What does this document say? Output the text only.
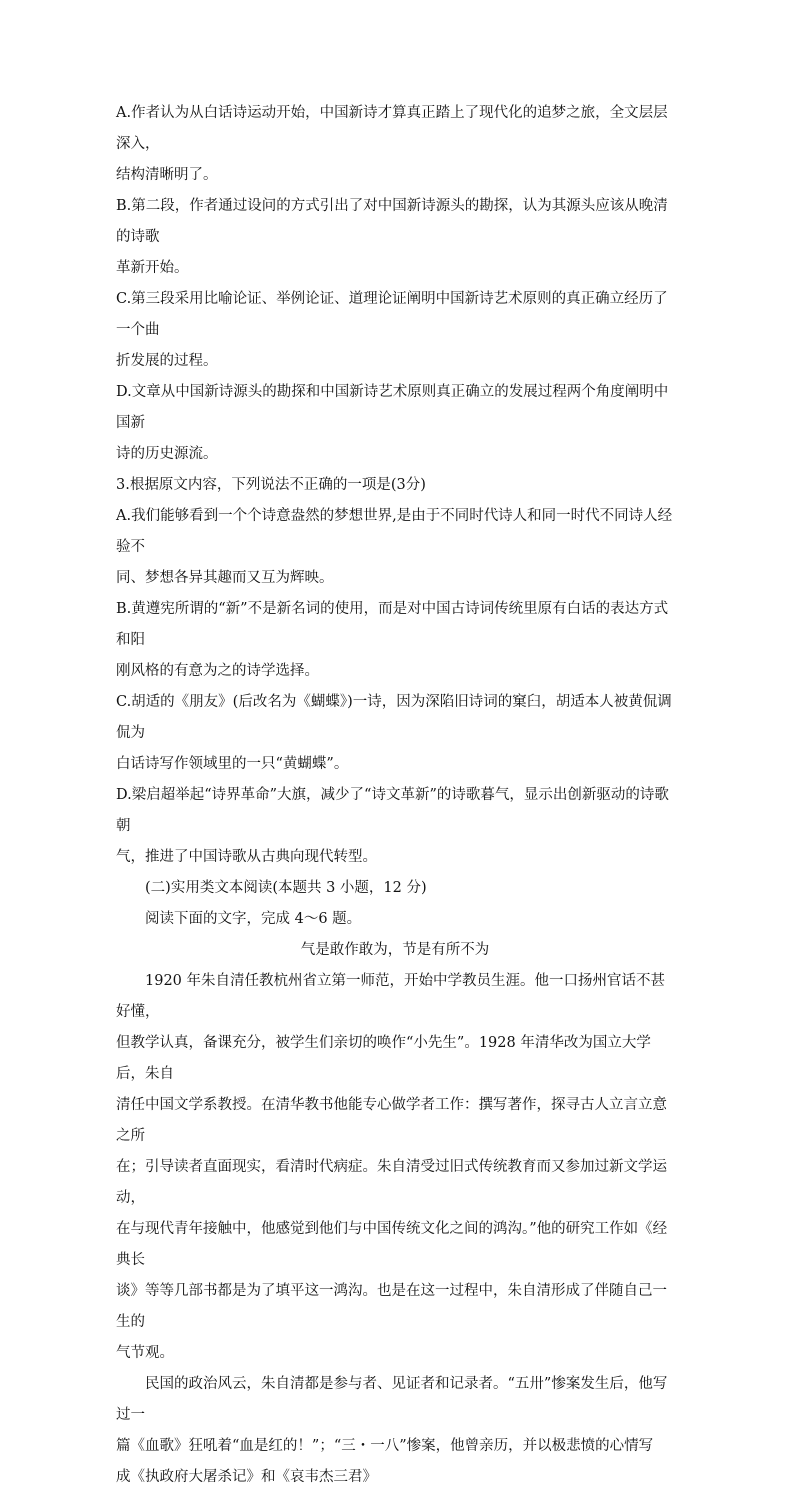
A.作者认为从白话诗运动开始，中国新诗才算真正踏上了现代化的追梦之旅，全文层层深入，

结构清晰明了。

B.第二段，作者通过设问的方式引出了对中国新诗源头的勘探，认为其源头应该从晚清的诗歌

革新开始。

C.第三段采用比喻论证、举例论证、道理论证阐明中国新诗艺术原则的真正确立经历了一个曲

折发展的过程。

D.文章从中国新诗源头的勘探和中国新诗艺术原则真正确立的发展过程两个角度阐明中国新

诗的历史源流。

3.根据原文内容，下列说法不正确的一项是(3分)

A.我们能够看到一个个诗意盎然的梦想世界,是由于不同时代诗人和同一时代不同诗人经验不

同、梦想各异其趣而又互为辉映。

B.黄遵宪所谓的“新”不是新名词的使用，而是对中国古诗词传统里原有白话的表达方式和阳

刚风格的有意为之的诗学选择。

C.胡适的《朋友》(后改名为《蝴蝶》)一诗，因为深陷旧诗词的窠臼，胡适本人被黄侃调侃为

白话诗写作领域里的一只“黄蝴蝶”。

D.梁启超举起“诗界革命”大旗，减少了“诗文革新”的诗歌暮气，显示出创新驱动的诗歌朝

气，推进了中国诗歌从古典向现代转型。

(二)实用类文本阅读(本题共 3 小题，12 分)

阅读下面的文字，完成 4～6 题。

气是敢作敢为，节是有所不为

1920 年朱自清任教杭州省立第一师范，开始中学教员生涯。他一口扬州官话不甚好懂，

但教学认真，备课充分，被学生们亲切的唤作“小先生”。1928 年清华改为国立大学后，朱自

清任中国文学系教授。在清华教书他能专心做学者工作：撰写著作，探寻古人立言立意之所

在；引导读者直面现实，看清时代病症。朱自清受过旧式传统教育而又参加过新文学运动，

在与现代青年接触中，他感觉到他们与中国传统文化之间的鸿沟。”他的研究工作如《经典长

谈》等等几部书都是为了填平这一鸿沟。也是在这一过程中，朱自清形成了伴随自己一生的

气节观。

民国的政治风云，朱自清都是参与者、见证者和记录者。“五卅”惨案发生后，他写过一

篇《血歌》狂吼着“血是红的！”；“三・一八”惨案，他曾亲历，并以极悲愤的心情写

成《执政府大屠杀记》和《哀韦杰三君》
